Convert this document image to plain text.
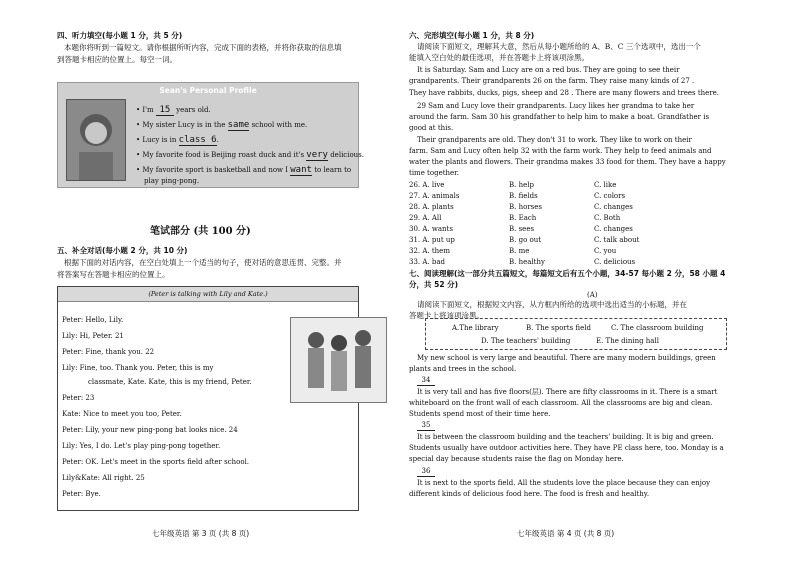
四、听力填空(每小题 1 分，共 5 分)
本题你将听到一篇短文。请你根据所听内容，完成下面的表格，并将你获取的信息填
到答题卡相应的位置上。每空一词。
Sean's Personal Profile
• I'm 15 years old.
• My sister Lucy is in the same school with me.
• Lucy is in class 6.
• My favorite food is Beijing roast duck and it's very delicious.
• My favorite sport is basketball and now I want to learn to
play ping-pong.
笔试部分 (共 100 分)
五、补全对话(每小题 2 分，共 10 分)
根据下面的对话内容，在空白处填上一个适当的句子，使对话的意思连贯、完整。并
将答案写在答题卡相应的位置上。
(Peter is talking with Lily and Kate.)
Peter: Hello, Lily.
Lily: Hi, Peter. 21
Peter: Fine, thank you. 22
Lily: Fine, too. Thank you. Peter, this is my
classmate, Kate. Kate, this is my friend, Peter.
Peter: 23
Kate: Nice to meet you too, Peter.
Peter: Lily, your new ping-pong bat looks nice. 24
Lily: Yes, I do. Let's play ping-pong together.
Peter: OK. Let's meet in the sports field after school.
Lily&Kate: All right. 25
Peter: Bye.
七年级英语 第 3 页 (共 8 页)
六、完形填空(每小题 1 分，共 8 分)
请阅读下面短文，理解其大意，然后从每小题所给的 A、B、C 三个选项中，选出一个
能填入空白处的最佳选项，并在答题卡上将该项涂黑。
It is Saturday. Sam and Lucy are on a red bus. They are going to see their
grandparents. Their grandparents 26 on the farm. They raise many kinds of 27 .
They have rabbits, ducks, pigs, sheep and 28 . There are many flowers and trees there.
29 Sam and Lucy love their grandparents. Lucy likes her grandma to take her
around the farm. Sam 30 his grandfather to help him to make a boat. Grandfather is
good at this.
Their grandparents are old. They don't 31 to work. They like to work on their
farm. Sam and Lucy often help 32 with the farm work. They help to feed animals and
water the plants and flowers. Their grandma makes 33 food for them. They have a happy
time together.
26. A. live	B. help	C. like
27. A. animals	B. fields	C. colors
28. A. plants	B. horses	C. changes
29. A. All	B. Each	C. Both
30. A. wants	B. sees	C. changes
31. A. put up	B. go out	C. talk about
32. A. them	B. me	C. you
33. A. bad	B. healthy	C. delicious
七、阅读理解(这一部分共五篇短文，每篇短文后有五个小题，34-57 每小题 2 分，58 小题 4
分，共 52 分)
(A)
请阅读下面短文，根据短文内容，从方框内所给的选项中选出适当的小标题，并在
答题卡上将该项涂黑。
A.The library	B. The sports field	C. The classroom building
D. The teachers' building	E. The dining hall
My new school is very large and beautiful. There are many modern buildings, green
plants and trees in the school.
34
It is very tall and has five floors(层). There are fifty classrooms in it. There is a smart
whiteboard on the front wall of each classroom. All the classrooms are big and clean.
Students spend most of their time here.
35
It is between the classroom building and the teachers' building. It is big and green.
Students usually have outdoor activities here. They have PE class here, too. Monday is a
special day because students raise the flag on Monday here.
36
It is next to the sports field. All the students love the place because they can enjoy
different kinds of delicious food here. The food is fresh and healthy.
七年级英语 第 4 页 (共 8 页)
